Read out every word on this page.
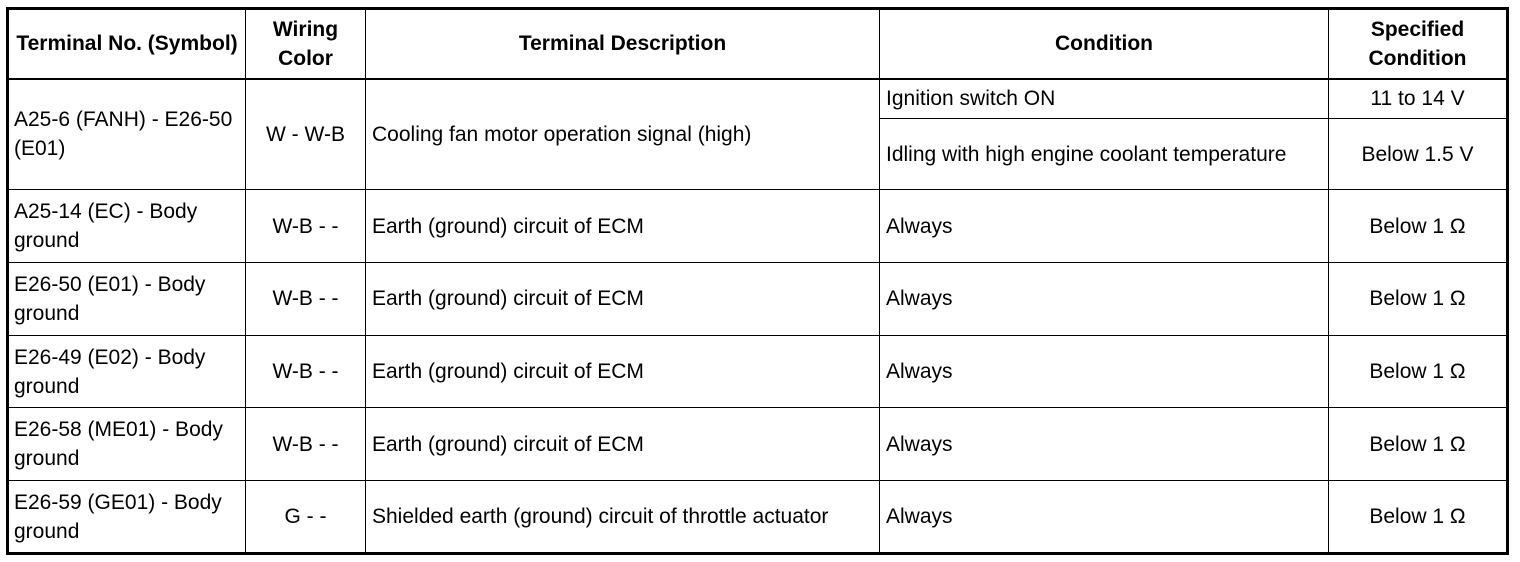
Terminal No. (Symbol)	Wiring Color	Terminal Description	Condition	Specified Condition
A25-6 (FANH) - E26-50 (E01)	W - W-B	Cooling fan motor operation signal (high)	Ignition switch ON	11 to 14 V
			Idling with high engine coolant temperature	Below 1.5 V
A25-14 (EC) - Body ground	W-B - -	Earth (ground) circuit of ECM	Always	Below 1 Ω
E26-50 (E01) - Body ground	W-B - -	Earth (ground) circuit of ECM	Always	Below 1 Ω
E26-49 (E02) - Body ground	W-B - -	Earth (ground) circuit of ECM	Always	Below 1 Ω
E26-58 (ME01) - Body ground	W-B - -	Earth (ground) circuit of ECM	Always	Below 1 Ω
E26-59 (GE01) - Body ground	G - -	Shielded earth (ground) circuit of throttle actuator	Always	Below 1 Ω
